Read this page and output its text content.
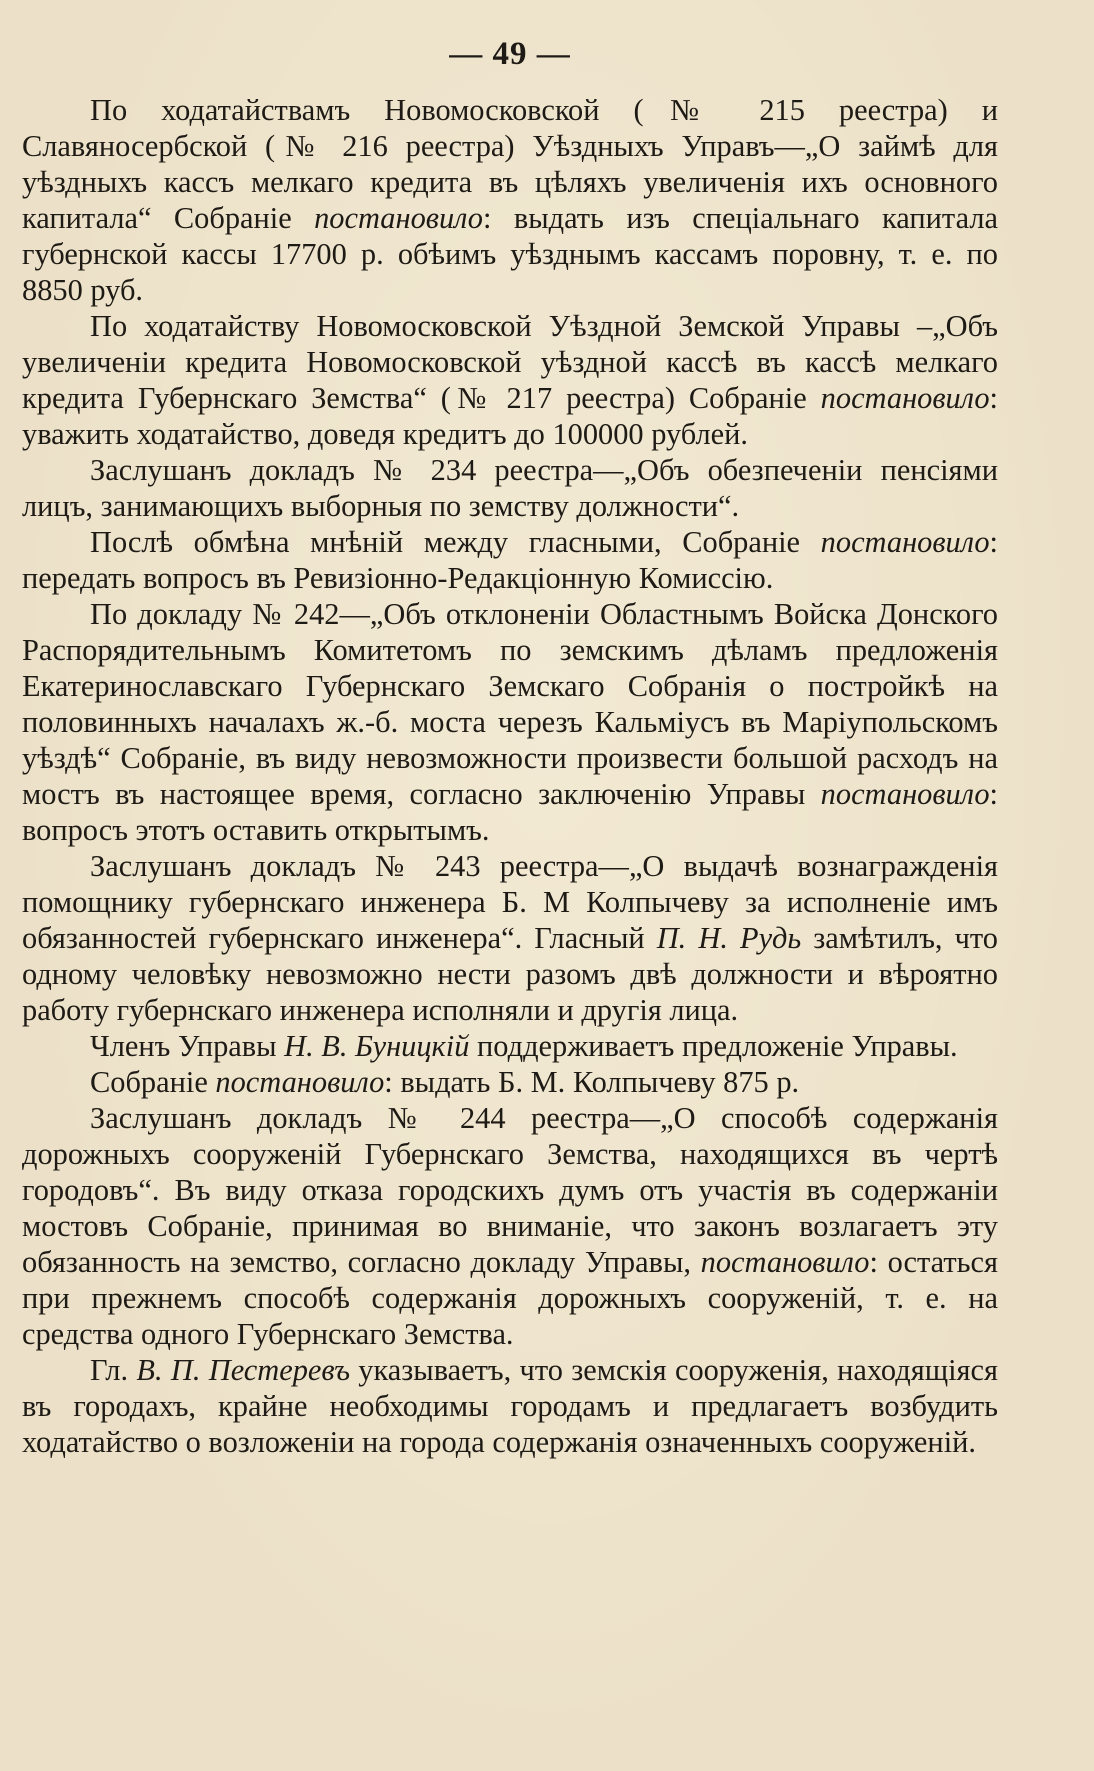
— 49 —

По ходатайствамъ Новомосковской (№ 215 реестра) и Славяносербской (№ 216 реестра) Уѣздныхъ Управъ—„О займѣ для уѣздныхъ кассъ мелкаго кредита въ цѣляхъ увеличенія ихъ основного капитала“ Собраніе постановило: выдать изъ спеціальнаго капитала губернской кассы 17700 р. обѣимъ уѣзднымъ кассамъ поровну, т. е. по 8850 руб.

По ходатайству Новомосковской Уѣздной Земской Управы –„Объ увеличеніи кредита Новомосковской уѣздной кассѣ въ кассѣ мелкаго кредита Губернскаго Земства“ (№ 217 реестра) Собраніе постановило: уважить ходатайство, доведя кредитъ до 100000 рублей.

Заслушанъ докладъ № 234 реестра—„Объ обезпеченіи пенсіями лицъ, занимающихъ выборныя по земству должности“.

Послѣ обмѣна мнѣній между гласными, Собраніе постановило: передать вопросъ въ Ревизіонно-Редакціонную Комиссію.

По докладу № 242—„Объ отклоненіи Областнымъ Войска Донского Распорядительнымъ Комитетомъ по земскимъ дѣламъ предложенія Екатеринославскаго Губернскаго Земскаго Собранія о постройкѣ на половинныхъ началахъ ж.-б. моста черезъ Кальміусъ въ Маріупольскомъ уѣздѣ“ Собраніе, въ виду невозможности произвести большой расходъ на мостъ въ настоящее время, согласно заключенію Управы постановило: вопросъ этотъ оставить открытымъ.

Заслушанъ докладъ № 243 реестра—„О выдачѣ вознагражденія помощнику губернскаго инженера Б. М Колпычеву за исполненіе имъ обязанностей губернскаго инженера“. Гласный П. Н. Рудь замѣтилъ, что одному человѣку невозможно нести разомъ двѣ должности и вѣроятно работу губернскаго инженера исполняли и другія лица.

Членъ Управы Н. В. Буницкій поддерживаетъ предложеніе Управы.

Собраніе постановило: выдать Б. М. Колпычеву 875 р.

Заслушанъ докладъ № 244 реестра—„О способѣ содержанія дорожныхъ сооруженій Губернскаго Земства, находящихся въ чертѣ городовъ“. Въ виду отказа городскихъ думъ отъ участія въ содержаніи мостовъ Собраніе, принимая во вниманіе, что законъ возлагаетъ эту обязанность на земство, согласно докладу Управы, постановило: остаться при прежнемъ способѣ содержанія дорожныхъ сооруженій, т. е. на средства одного Губернскаго Земства.

Гл. В. П. Пестеревъ указываетъ, что земскія сооруженія, находящіяся въ городахъ, крайне необходимы городамъ и предлагаетъ возбудить ходатайство о возложеніи на города содержанія означенныхъ сооруженій.
